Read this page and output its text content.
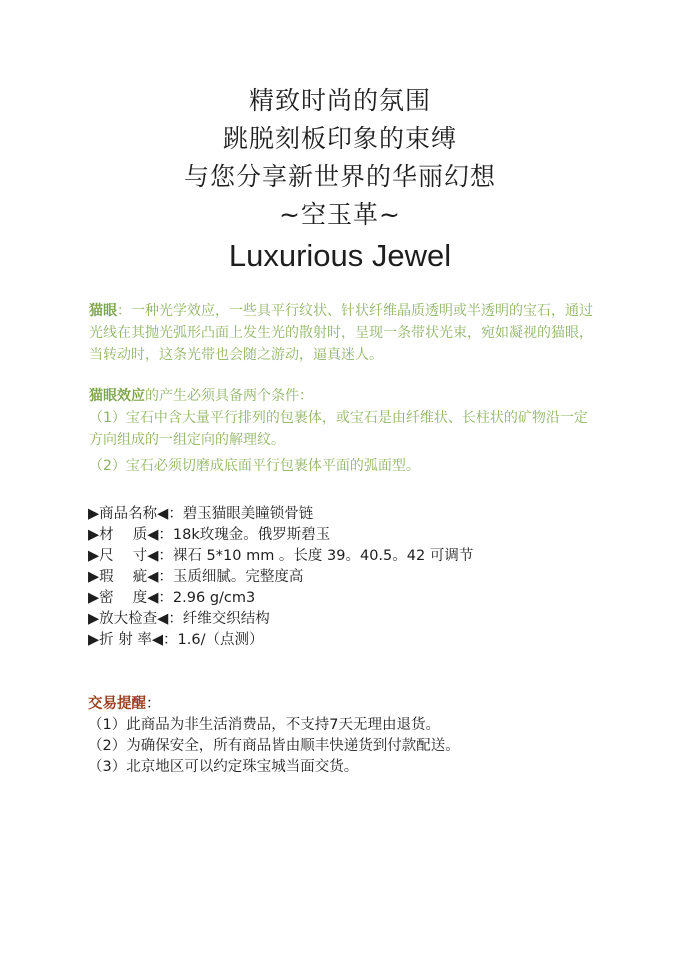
精致时尚的氛围
跳脱刻板印象的束缚
与您分享新世界的华丽幻想
~空玉革~
Luxurious Jewel
猫眼：一种光学效应，一些具平行纹状、针状纤维晶质透明或半透明的宝石，通过光线在其抛光弧形凸面上发生光的散射时，呈现一条带状光束，宛如凝视的猫眼，当转动时，这条光带也会随之游动，逼真迷人。
猫眼效应的产生必须具备两个条件：

（1）宝石中含大量平行排列的包裹体，或宝石是由纤维状、长柱状的矿物沿一定方向组成的一组定向的解理纹。

（2）宝石必须切磨成底面平行包裹体平面的弧面型。

▶商品名称◀：碧玉猫眼美瞳锁骨链
▶材　 质◀：18k玫瑰金。俄罗斯碧玉
▶尺　 寸◀：裸石 5*10 mm 。长度 39。40.5。42 可调节
▶瑕　 疵◀：玉质细腻。完整度高
▶密　 度◀：2.96 g/cm3
▶放大检查◀：纤维交织结构
▶折 射 率◀：1.6/（点测）
交易提醒：
（1）此商品为非生活消费品，不支持7天无理由退货。
（2）为确保安全，所有商品皆由顺丰快递货到付款配送。
（3）北京地区可以约定珠宝城当面交货。
